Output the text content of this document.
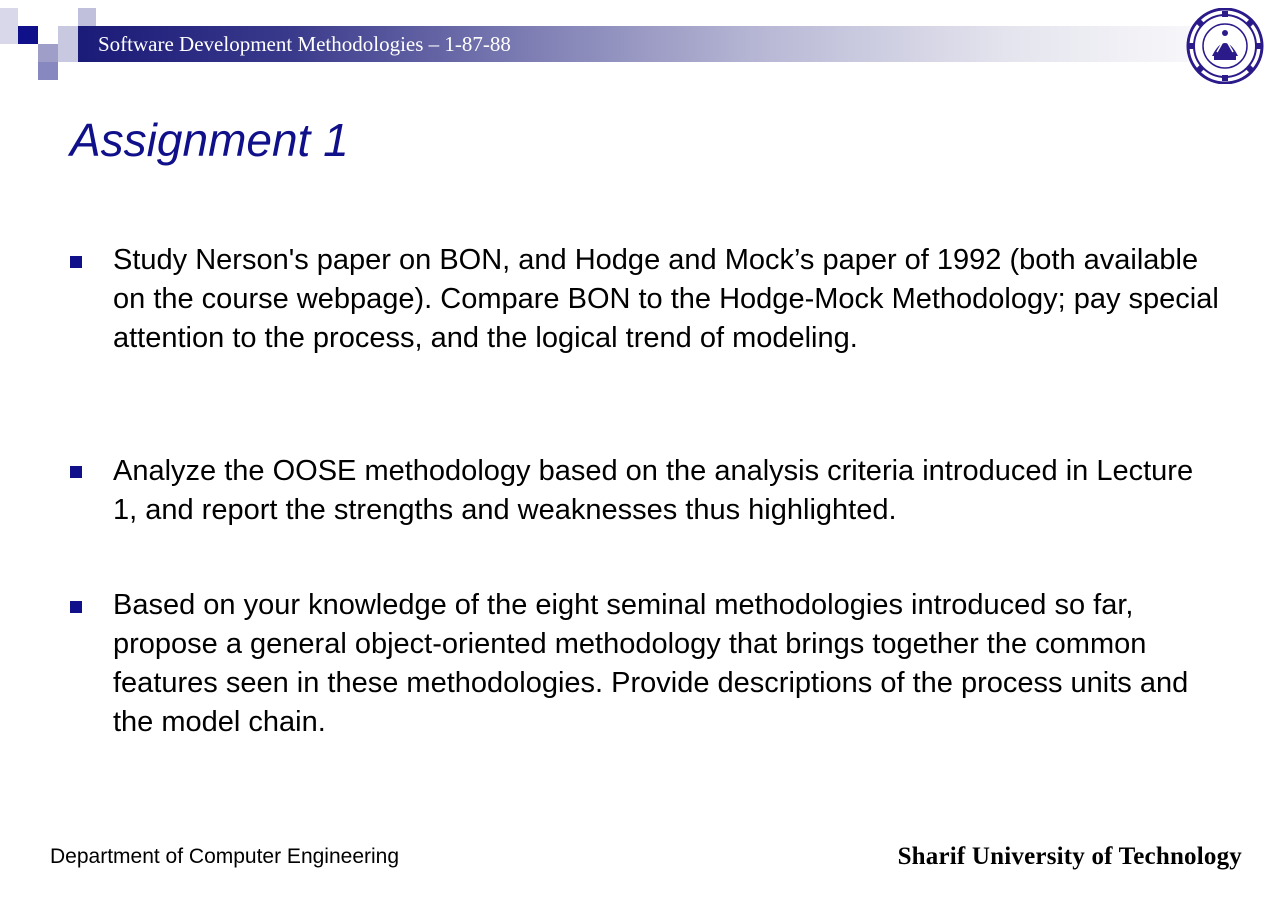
Software Development Methodologies – 1-87-88
Assignment 1

Study Nerson's paper on BON, and Hodge and Mock’s paper of 1992 (both available on the course webpage). Compare BON to the Hodge-Mock Methodology; pay special attention to the process, and the logical trend of modeling.

Analyze the OOSE methodology based on the analysis criteria introduced in Lecture 1, and report the strengths and weaknesses thus highlighted.

Based on your knowledge of the eight seminal methodologies introduced so far, propose a general object-oriented methodology that brings together the common features seen in these methodologies. Provide descriptions of the process units and the model chain.

Department of Computer Engineering	Sharif University of Technology
